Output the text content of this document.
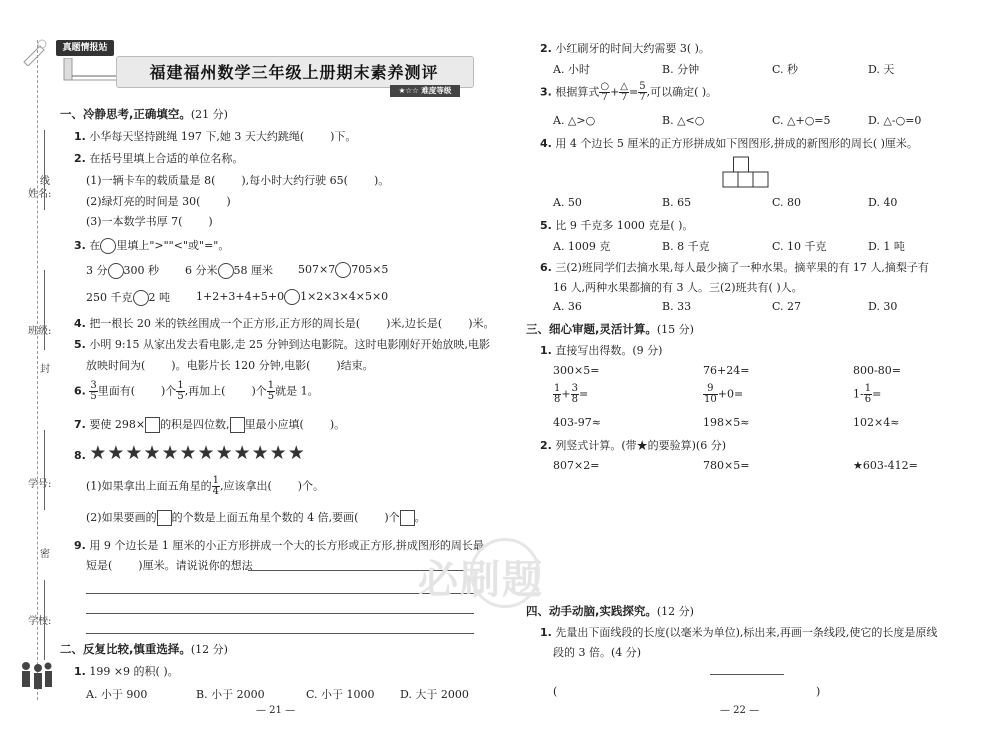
姓名:
线
班级:
封
学号:
密
学校:
真题情报站
福建福州数学三年级上册期末素养测评
★☆☆ 难度等级
一、冷静思考,正确填空。(21 分)
1. 小华每天坚持跳绳 197 下,她 3 天大约跳绳( )下。
2. 在括号里填上合适的单位名称。
(1)一辆卡车的载质量是 8( ),每小时大约行驶 65( )。
(2)绿灯亮的时间是 30( )
(3)一本数学书厚 7( )
3. 在 里填上">""<"或"="。
3 分 300 秒 6 分米 58 厘米 507×7 705×5
250 千克 2 吨 1+2+3+4+5+0 1×2×3×4×5×0
4. 把一根长 20 米的铁丝围成一个正方形,正方形的周长是( )米,边长是( )米。
5. 小明 9:15 从家出发去看电影,走 25 分钟到达电影院。这时电影刚好开始放映,电影
放映时间为( )。电影片长 120 分钟,电影( )结束。
6. $\frac{3}{5}$ 里面有( )个 $\frac{1}{5}$ ,再加上( )个 $\frac{1}{5}$ 就是 1。
7. 要使 298× 的积是四位数, 里最小应填( )。
8. ★★★★★★★★★★★★
(1)如果拿出上面五角星的 $\frac{1}{4}$ ,应该拿出( )个。
(2)如果要画的 的个数是上面五角星个数的 4 倍,要画( )个 。
9. 用 9 个边长是 1 厘米的小正方形拼成一个大的长方形或正方形,拼成图形的周长最
短是( )厘米。请说说你的想法
二、反复比较,慎重选择。(12 分)
1. 199 ×9 的积( )。
A. 小于 900	B. 小于 2000	C. 小于 1000 D. 大于 2000
— 21 —
必刷题
2. 小红刷牙的时间大约需要 3( )。
A. 小时	B. 分钟	C. 秒	D. 天
3. 根据算式 $\frac{○}{7} + \frac{\triangle}{7} = \frac{5}{7}$ ,可以确定( )。
A. △>○	B. △<○	C. △+○=5	D. △-○=0
4. 用 4 个边长 5 厘米的正方形拼成如下图图形,拼成的新图形的周长( )厘米。
A. 50	B. 65	C. 80	D. 40
5. 比 9 千克多 1000 克是( )。
A. 1009 克	B. 8 千克	C. 10 千克	D. 1 吨
6. 三(2)班同学们去摘水果,每人最少摘了一种水果。摘苹果的有 17 人,摘梨子有
16 人,两种水果都摘的有 3 人。三(2)班共有( )人。
A. 36	B. 33	C. 27	D. 30
三、细心审题,灵活计算。(15 分)
1. 直接写出得数。(9 分)
300×5=	76+24=	800-80=
$\frac{1}{8} + \frac{3}{8}$ =	$\frac{9}{10} +0=$	$1- \frac{1}{6}$ =
403-97≈	198×5≈	102×4≈
2. 列竖式计算。(带★的要验算)(6 分)
807×2=	780×5=	★603-412=
四、动手动脑,实践探究。(12 分)
1. 先量出下面线段的长度(以毫米为单位),标出来,再画一条线段,使它的长度是原线
段的 3 倍。(4 分)
(	)
— 22 —
